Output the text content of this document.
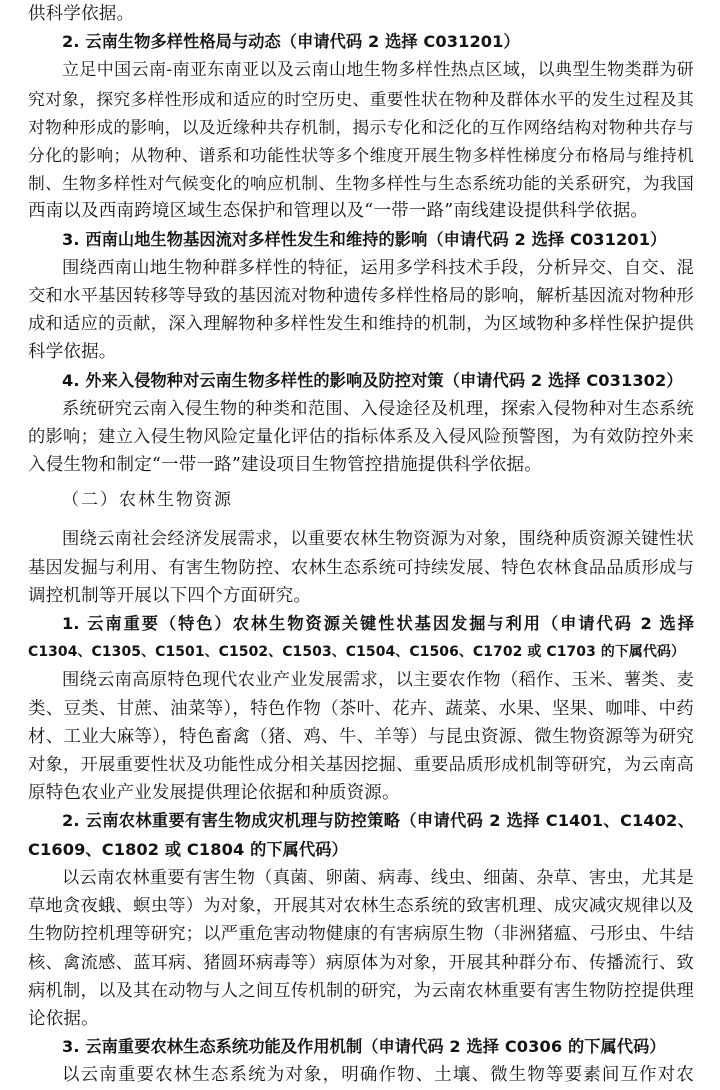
供科学依据。
2. 云南生物多样性格局与动态（申请代码 2 选择 C031201）
立足中国云南-南亚东南亚以及云南山地生物多样性热点区域，以典型生物类群为研
究对象，探究多样性形成和适应的时空历史、重要性状在物种及群体水平的发生过程及其
对物种形成的影响，以及近缘种共存机制，揭示专化和泛化的互作网络结构对物种共存与
分化的影响；从物种、谱系和功能性状等多个维度开展生物多样性梯度分布格局与维持机
制、生物多样性对气候变化的响应机制、生物多样性与生态系统功能的关系研究，为我国
西南以及西南跨境区域生态保护和管理以及“一带一路”南线建设提供科学依据。
3. 西南山地生物基因流对多样性发生和维持的影响（申请代码 2 选择 C031201）
围绕西南山地生物种群多样性的特征，运用多学科技术手段，分析异交、自交、混
交和水平基因转移等导致的基因流对物种遗传多样性格局的影响，解析基因流对物种形
成和适应的贡献，深入理解物种多样性发生和维持的机制，为区域物种多样性保护提供
科学依据。
4. 外来入侵物种对云南生物多样性的影响及防控对策（申请代码 2 选择 C031302）
系统研究云南入侵生物的种类和范围、入侵途径及机理，探索入侵物种对生态系统
的影响；建立入侵生物风险定量化评估的指标体系及入侵风险预警图，为有效防控外来
入侵生物和制定“一带一路”建设项目生物管控措施提供科学依据。
（二）农林生物资源
围绕云南社会经济发展需求，以重要农林生物资源为对象，围绕种质资源关键性状
基因发掘与利用、有害生物防控、农林生态系统可持续发展、特色农林食品品质形成与
调控机制等开展以下四个方面研究。
1. 云南重要（特色）农林生物资源关键性状基因发掘与利用（申请代码 2 选择
C1304、C1305、C1501、C1502、C1503、C1504、C1506、C1702 或 C1703 的下属代码）
围绕云南高原特色现代农业产业发展需求，以主要农作物（稻作、玉米、薯类、麦
类、豆类、甘蔗、油菜等），特色作物（茶叶、花卉、蔬菜、水果、坚果、咖啡、中药
材、工业大麻等），特色畜禽（猪、鸡、牛、羊等）与昆虫资源、微生物资源等为研究
对象，开展重要性状及功能性成分相关基因挖掘、重要品质形成机制等研究，为云南高
原特色农业产业发展提供理论依据和种质资源。
2. 云南农林重要有害生物成灾机理与防控策略（申请代码 2 选择 C1401、C1402、
C1609、C1802 或 C1804 的下属代码）
以云南农林重要有害生物（真菌、卵菌、病毒、线虫、细菌、杂草、害虫，尤其是
草地贪夜蛾、螟虫等）为对象，开展其对农林生态系统的致害机理、成灾减灾规律以及
生物防控机理等研究；以严重危害动物健康的有害病原生物（非洲猪瘟、弓形虫、牛结
核、禽流感、蓝耳病、猪圆环病毒等）病原体为对象，开展其种群分布、传播流行、致
病机制，以及其在动物与人之间互传机制的研究，为云南农林重要有害生物防控提供理
论依据。
3. 云南重要农林生态系统功能及作用机制（申请代码 2 选择 C0306 的下属代码）
以云南重要农林生态系统为对象，明确作物、土壤、微生物等要素间互作对农
